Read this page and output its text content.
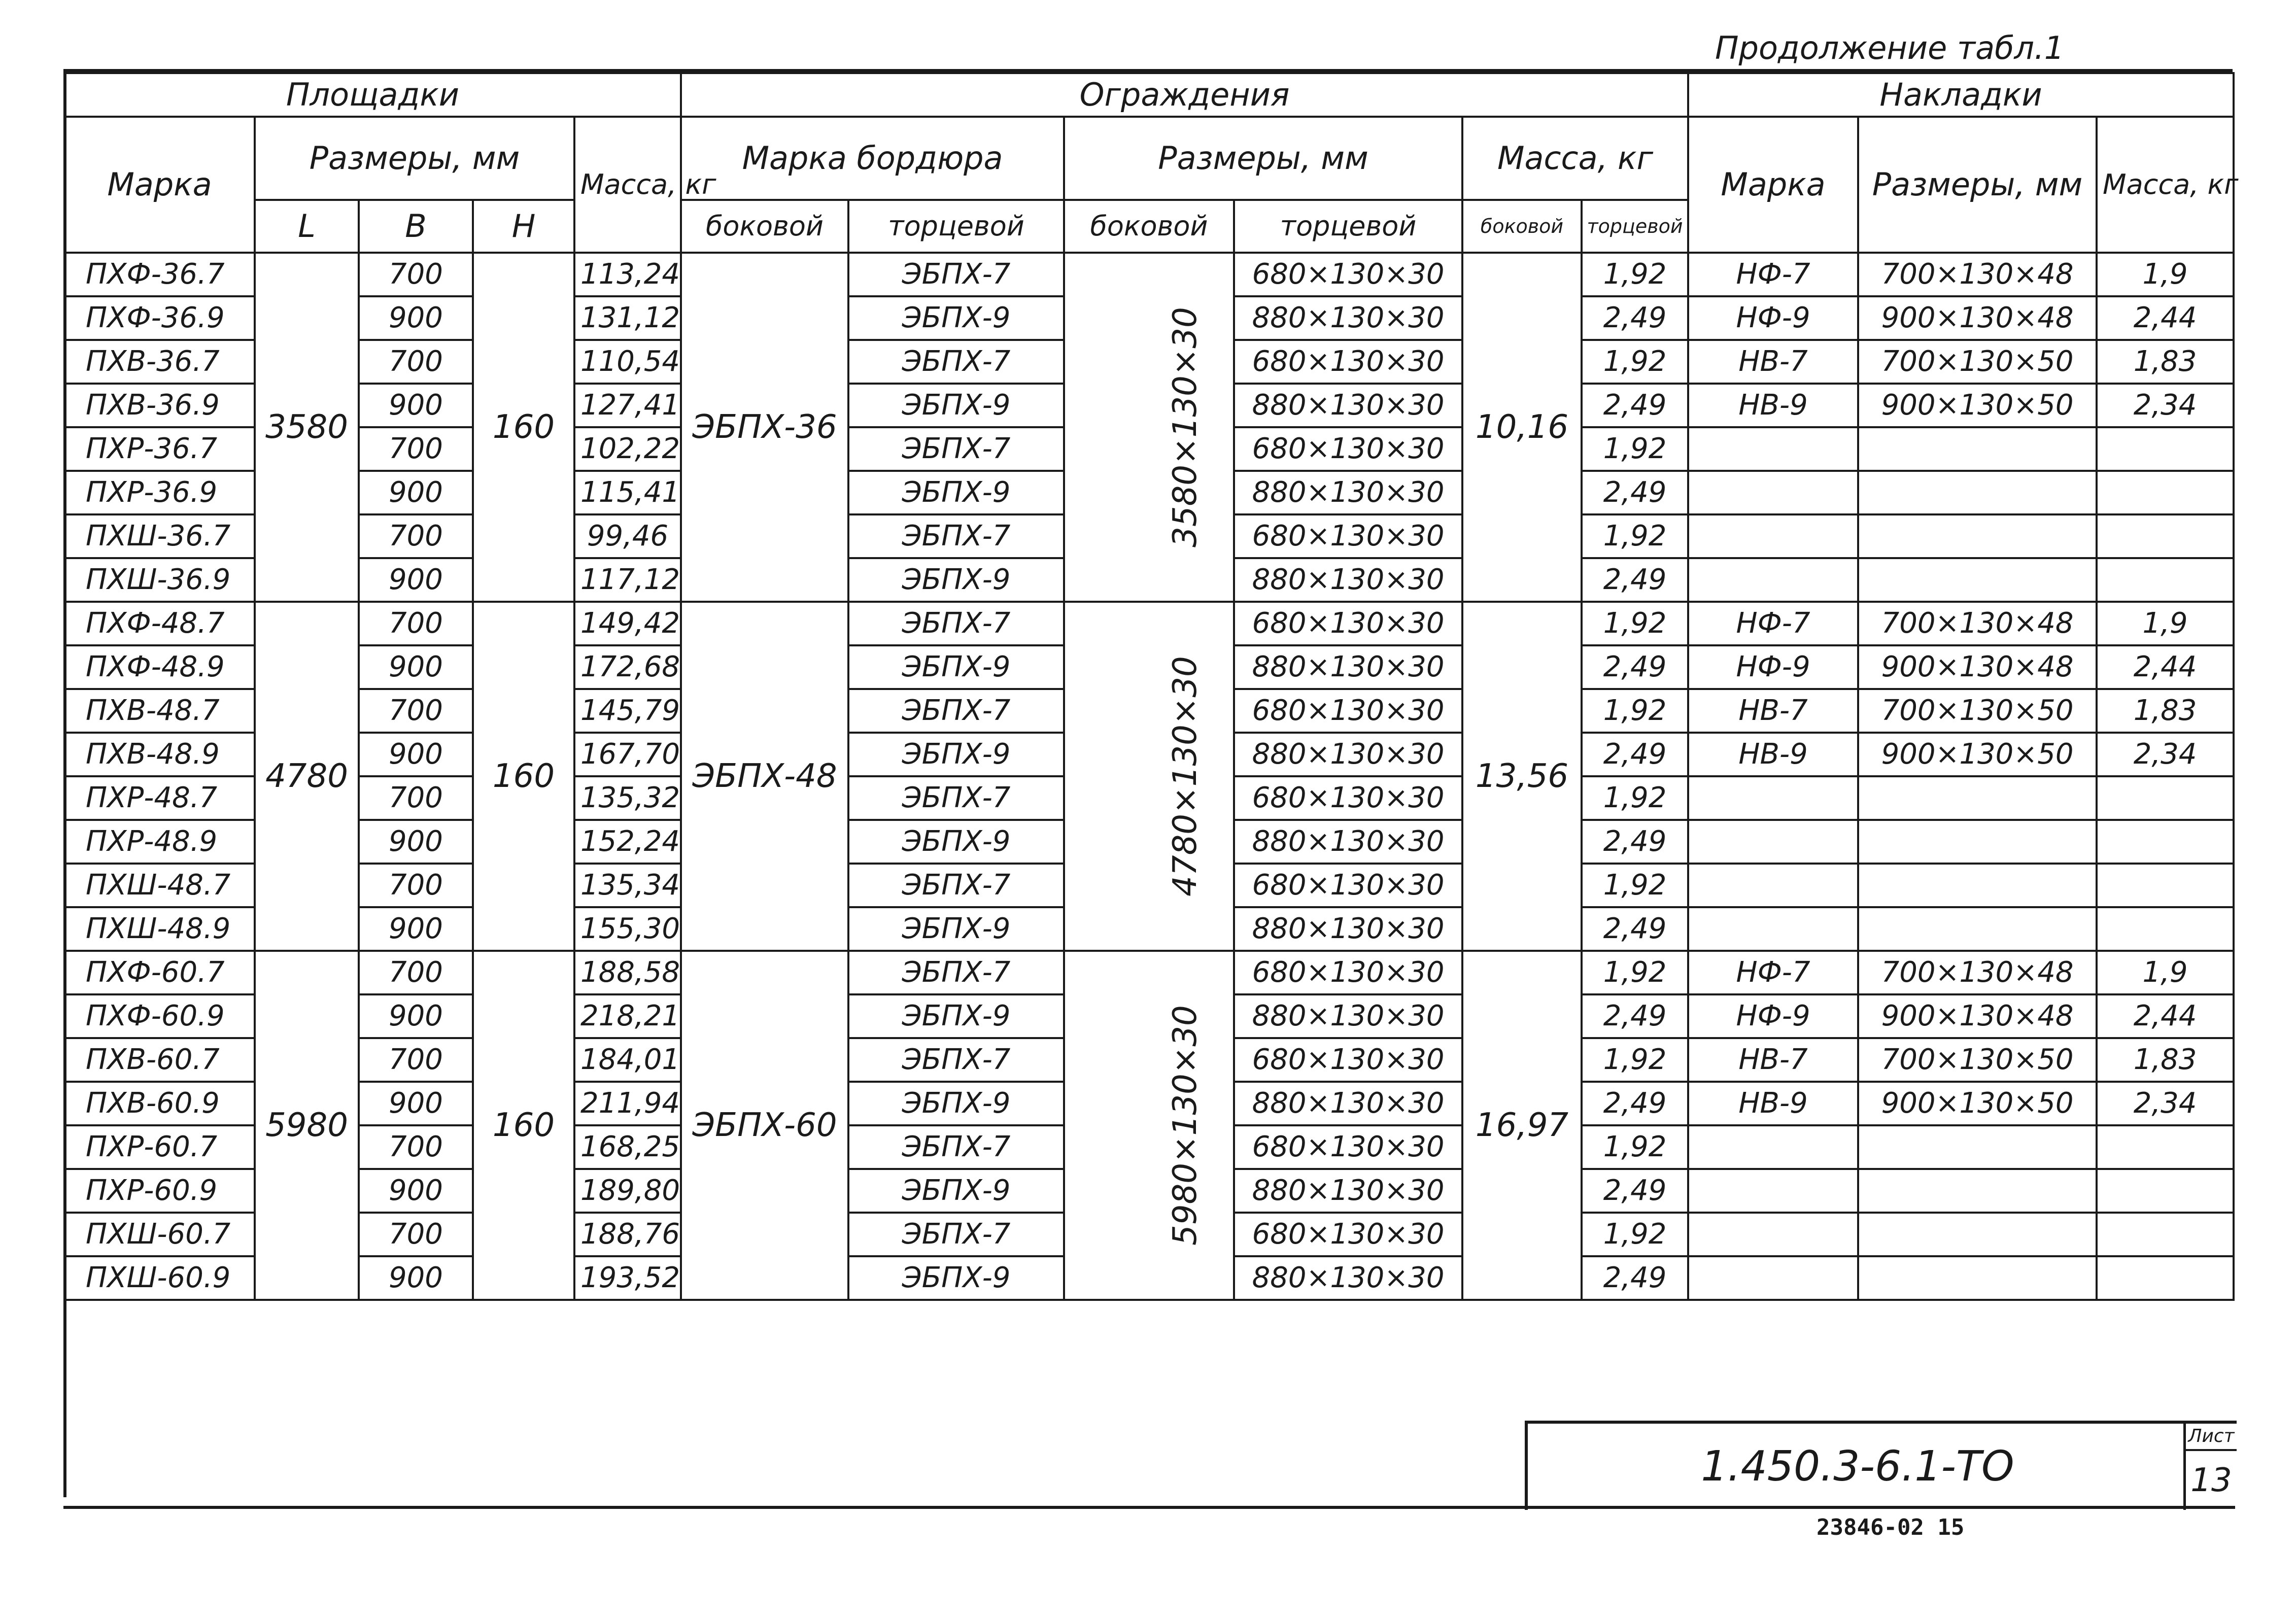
Продолжение табл.1
Площадки					Ограждения						Накладки		
Марка	Размеры, мм			Масса, кг	Марка бордюра		Размеры, мм		Масса, кг		Марка	Размеры, мм	Масса, кг
	L	B	H		боковой	торцевой	боковой	торцевой	боковой	торцевой			
ПХФ-36.7	3580	700	160	113,24	ЭБПХ-36	ЭБПХ-7	3580×130×30	680×130×30	10,16	1,92	НФ-7	700×130×48	1,9
ПХФ-36.9		900		131,12		ЭБПХ-9		880×130×30		2,49	НФ-9	900×130×48	2,44
ПХВ-36.7		700		110,54		ЭБПХ-7		680×130×30		1,92	НВ-7	700×130×50	1,83
ПХВ-36.9		900		127,41		ЭБПХ-9		880×130×30		2,49	НВ-9	900×130×50	2,34
ПХР-36.7		700		102,22		ЭБПХ-7		680×130×30		1,92			
ПХР-36.9		900		115,41		ЭБПХ-9		880×130×30		2,49			
ПХШ-36.7		700		99,46		ЭБПХ-7		680×130×30		1,92			
ПХШ-36.9		900		117,12		ЭБПХ-9		880×130×30		2,49			
ПХФ-48.7	4780	700	160	149,42	ЭБПХ-48	ЭБПХ-7	4780×130×30	680×130×30	13,56	1,92	НФ-7	700×130×48	1,9
ПХФ-48.9		900		172,68		ЭБПХ-9		880×130×30		2,49	НФ-9	900×130×48	2,44
ПХВ-48.7		700		145,79		ЭБПХ-7		680×130×30		1,92	НВ-7	700×130×50	1,83
ПХВ-48.9		900		167,70		ЭБПХ-9		880×130×30		2,49	НВ-9	900×130×50	2,34
ПХР-48.7		700		135,32		ЭБПХ-7		680×130×30		1,92			
ПХР-48.9		900		152,24		ЭБПХ-9		880×130×30		2,49			
ПХШ-48.7		700		135,34		ЭБПХ-7		680×130×30		1,92			
ПХШ-48.9		900		155,30		ЭБПХ-9		880×130×30		2,49			
ПХФ-60.7	5980	700	160	188,58	ЭБПХ-60	ЭБПХ-7	5980×130×30	680×130×30	16,97	1,92	НФ-7	700×130×48	1,9
ПХФ-60.9		900		218,21		ЭБПХ-9		880×130×30		2,49	НФ-9	900×130×48	2,44
ПХВ-60.7		700		184,01		ЭБПХ-7		680×130×30		1,92	НВ-7	700×130×50	1,83
ПХВ-60.9		900		211,94		ЭБПХ-9		880×130×30		2,49	НВ-9	900×130×50	2,34
ПХР-60.7		700		168,25		ЭБПХ-7		680×130×30		1,92			
ПХР-60.9		900		189,80		ЭБПХ-9		880×130×30		2,49			
ПХШ-60.7		700		188,76		ЭБПХ-7		680×130×30		1,92			
ПХШ-60.9		900		193,52		ЭБПХ-9		880×130×30		2,49			
1.450.3-6.1-ТО
Лист
13
23846-02 15
